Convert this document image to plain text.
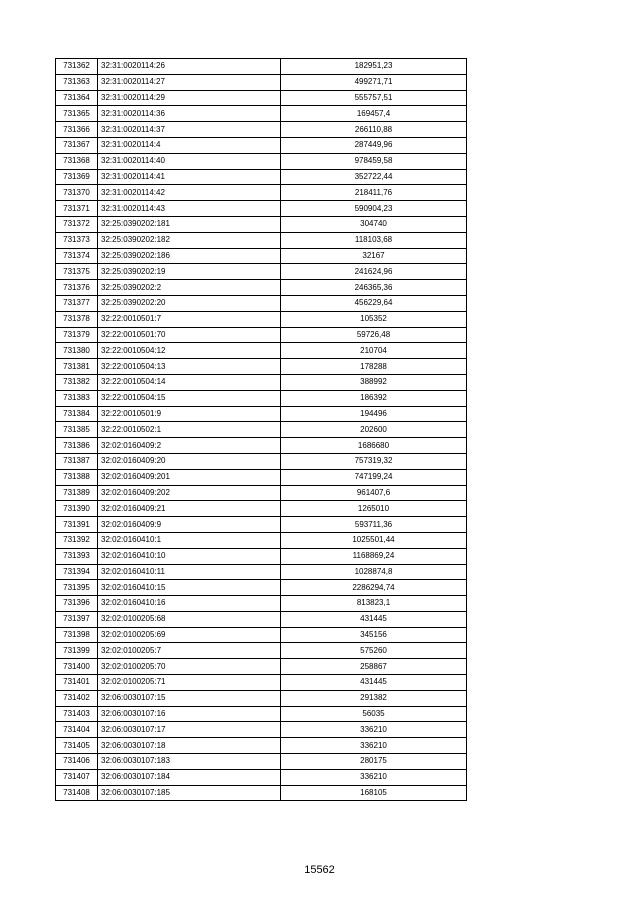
731362	32:31:0020114:26	182951,23
731363	32:31:0020114:27	499271,71
731364	32:31:0020114:29	555757,51
731365	32:31:0020114:36	169457,4
731366	32:31:0020114:37	266110,88
731367	32:31:0020114:4	287449,96
731368	32:31:0020114:40	978459,58
731369	32:31:0020114:41	352722,44
731370	32:31:0020114:42	218411,76
731371	32:31:0020114:43	590904,23
731372	32:25:0390202:181	304740
731373	32:25:0390202:182	118103,68
731374	32:25:0390202:186	32167
731375	32:25:0390202:19	241624,96
731376	32:25:0390202:2	246365,36
731377	32:25:0390202:20	456229,64
731378	32:22:0010501:7	105352
731379	32:22:0010501:70	59726,48
731380	32:22:0010504:12	210704
731381	32:22:0010504:13	178288
731382	32:22:0010504:14	388992
731383	32:22:0010504:15	186392
731384	32:22:0010501:9	194496
731385	32:22:0010502:1	202600
731386	32:02:0160409:2	1686680
731387	32:02:0160409:20	757319,32
731388	32:02:0160409:201	747199,24
731389	32:02:0160409:202	961407,6
731390	32:02:0160409:21	1265010
731391	32:02:0160409:9	593711,36
731392	32:02:0160410:1	1025501,44
731393	32:02:0160410:10	1168869,24
731394	32:02:0160410:11	1028874,8
731395	32:02:0160410:15	2286294,74
731396	32:02:0160410:16	813823,1
731397	32:02:0100205:68	431445
731398	32:02:0100205:69	345156
731399	32:02:0100205:7	575260
731400	32:02:0100205:70	258867
731401	32:02:0100205:71	431445
731402	32:06:0030107:15	291382
731403	32:06:0030107:16	56035
731404	32:06:0030107:17	336210
731405	32:06:0030107:18	336210
731406	32:06:0030107:183	280175
731407	32:06:0030107:184	336210
731408	32:06:0030107:185	168105
15562
